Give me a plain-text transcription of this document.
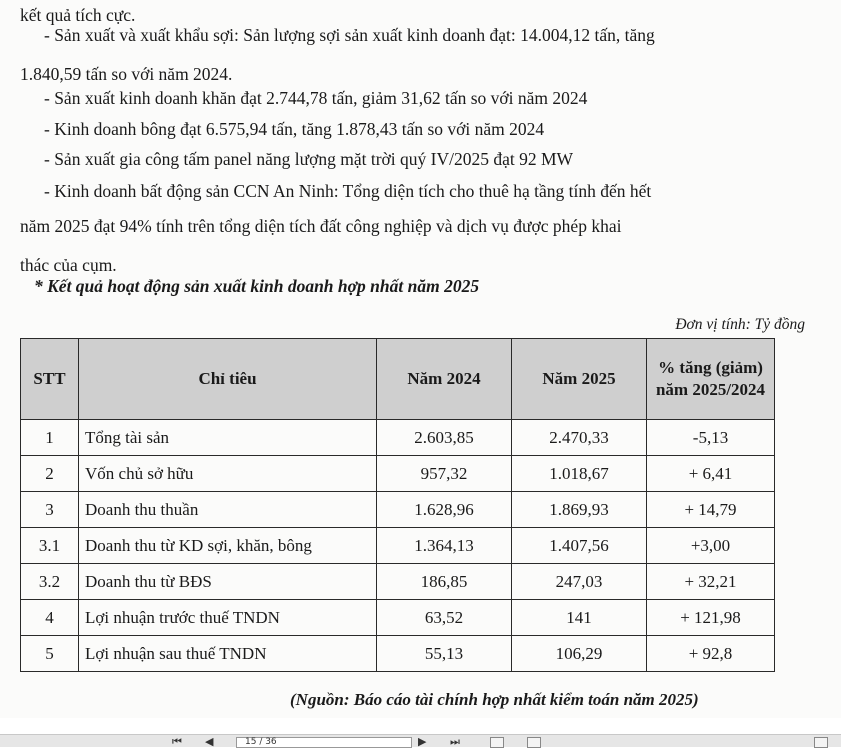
kết quả tích cực.
- Sản xuất và xuất khẩu sợi: Sản lượng sợi sản xuất kinh doanh đạt: 14.004,12 tấn, tăng
1.840,59 tấn so với năm 2024.
- Sản xuất kinh doanh khăn đạt 2.744,78 tấn, giảm 31,62 tấn so với năm 2024
- Kinh doanh bông đạt 6.575,94 tấn, tăng 1.878,43 tấn so với năm 2024
- Sản xuất gia công tấm panel năng lượng mặt trời quý IV/2025 đạt 92 MW
- Kinh doanh bất động sản CCN An Ninh: Tổng diện tích cho thuê hạ tầng tính đến hết
năm 2025 đạt 94% tính trên tổng diện tích đất công nghiệp và dịch vụ được phép khai
thác của cụm.
* Kết quả hoạt động sản xuất kinh doanh hợp nhất năm 2025
Đơn vị tính: Tỷ đồng
STT	Chỉ tiêu	Năm 2024	Năm 2025	% tăng (giảm) năm 2025/2024
1	Tổng tài sản	2.603,85	2.470,33	-5,13
2	Vốn chủ sở hữu	957,32	1.018,67	+ 6,41
3	Doanh thu thuần	1.628,96	1.869,93	+ 14,79
3.1	Doanh thu từ KD sợi, khăn, bông	1.364,13	1.407,56	+3,00
3.2	Doanh thu từ BĐS	186,85	247,03	+ 32,21
4	Lợi nhuận trước thuế TNDN	63,52	141	+ 121,98
5	Lợi nhuận sau thuế TNDN	55,13	106,29	+ 92,8
(Nguồn: Báo cáo tài chính hợp nhất kiểm toán năm 2025)
⏮ ◀	15 / 36	▶ ⏭
